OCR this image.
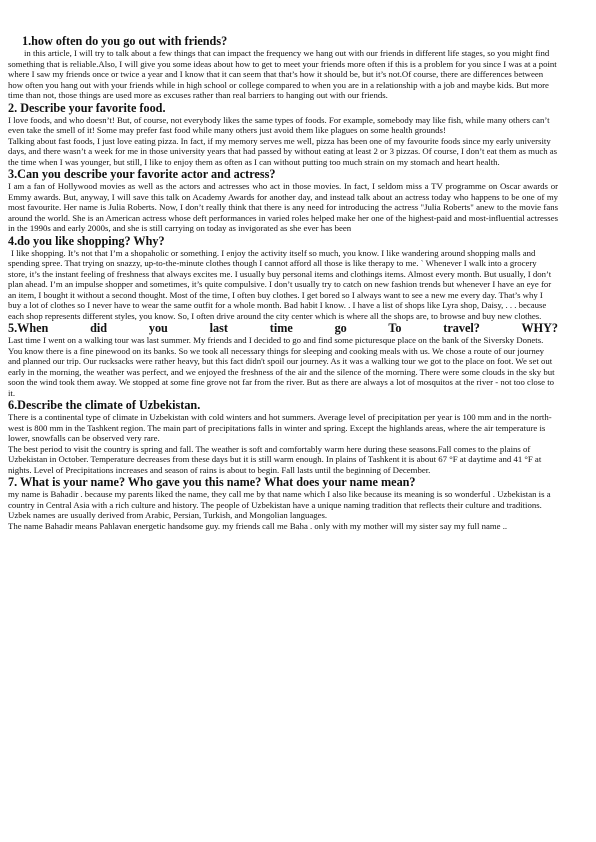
1.how often do you go out with friends?

in this article, I will try to talk about a few things that can impact the frequency we hang out with our friends in different life stages, so you might find something that is reliable.Also, I will give you some ideas about how to get to meet your friends more often if this is a problem for you since I was at a point where I saw my friends once or twice a year and I know that it can seem that that’s how it should be, but it’s not.Of course, there are differences between how often you hang out with your friends while in high school or college compared to when you are in a relationship with a job and maybe kids. But more time than not, those things are used more as excuses rather than real barriers to hanging out with our friends.

2. Describe your favorite food.

I love foods, and who doesn’t! But, of course, not everybody likes the same types of foods. For example, somebody may like fish, while many others can’t even take the smell of it! Some may prefer fast food while many others just avoid them like plagues on some health grounds!

Talking about fast foods, I just love eating pizza. In fact, if my memory serves me well, pizza has been one of my favourite foods since my early university days, and there wasn’t a week for me in those university years that had passed by without eating at least 2 or 3 pizzas. Of course, I don’t eat them as much as the time when I was younger, but still, I like to enjoy them as often as I can without putting too much strain on my stomach and heart health.

3.Can you describe your favorite actor and actress?

I am a fan of Hollywood movies as well as the actors and actresses who act in those movies. In fact, I seldom miss a TV programme on Oscar awards or Emmy awards. But, anyway, I will save this talk on Academy Awards for another day, and instead talk about an actress today who happens to be one of my most favourite. Her name is Julia Roberts. Now, I don’t really think that there is any need for introducing the actress "Julia Roberts" anew to the movie fans around the world. She is an American actress whose deft performances in varied roles helped make her one of the highest-paid and most-influential actresses in the 1990s and early 2000s, and she is still carrying on today as invigorated as she ever has been

4.do you like shopping? Why?

I like shopping. It’s not that I’m a shopaholic or something. I enjoy the activity itself so much, you know. I like wandering around shopping malls and spending spree. That trying on snazzy, up-to-the-minute clothes though I cannot afford all those is like therapy to me. ` Whenever I walk into a grocery store, it’s the instant feeling of freshness that always excites me. I usually buy personal items and clothings items. Almost every month. But usually, I don’t plan ahead. I’m an impulse shopper and sometimes, it’s quite compulsive. I don’t usually try to catch on new fashion trends but whenever I have an eye for an item, I bought it without a second thought. Most of the time, I often buy clothes. I get bored so I always want to see a new me every day. That’s why I buy a lot of clothes so I never have to wear the same outfit for a whole month. Bad habit I know. . I have a list of shops like Lyra shop, Daisy, . . . because each shop represents different styles, you know. So, I often drive around the city center which is where all the shops are, to browse and buy new clothes.

5.When did you last time go To travel? WHY?

Last time I went on a walking tour was last summer. My friends and I decided to go and find some picturesque place on the bank of the Siversky Donets. You know there is a fine pinewood on its banks. So we took all necessary things for sleeping and cooking meals with us. We chose a route of our journey and planned our trip. Our rucksacks were rather heavy, but this fact didn't spoil our journey. As it was a walking tour we got to the place on foot. We set out early in the morning, the weather was perfect, and we enjoyed the freshness of the air and the silence of the morning. There were some clouds in the sky but soon the wind took them away. We stopped at some fine grove not far from the river. But as there are always a lot of mosquitos at the river - not too close to it.

6.Describe the climate of Uzbekistan.

There is a continental type of climate in Uzbekistan with cold winters and hot summers. Average level of precipitation per year is 100 mm and in the north-west is 800 mm in the Tashkent region. The main part of precipitations falls in winter and spring. Except the highlands areas, where the air temperature is lower, snowfalls can be observed very rare.

The best period to visit the country is spring and fall. The weather is soft and comfortably warm here during these seasons.Fall comes to the plains of Uzbekistan in October. Temperature decreases from these days but it is still warm enough. In plains of Tashkent it is about 67 °F at daytime and 41 °F at nights. Level of Precipitations increases and season of rains is about to begin. Fall lasts until the beginning of December.

7. What is your name? Who gave you this name? What does your name mean?

my name is Bahadir . because my parents liked the name, they call me by that name which I also like because its meaning is so wonderful . Uzbekistan is a country in Central Asia with a rich culture and history. The people of Uzbekistan have a unique naming tradition that reflects their culture and traditions. Uzbek names are usually derived from Arabic, Persian, Turkish, and Mongolian languages.

The name Bahadir means Pahlavan energetic handsome guy. my friends call me Baha . only with my mother will my sister say my full name ..
